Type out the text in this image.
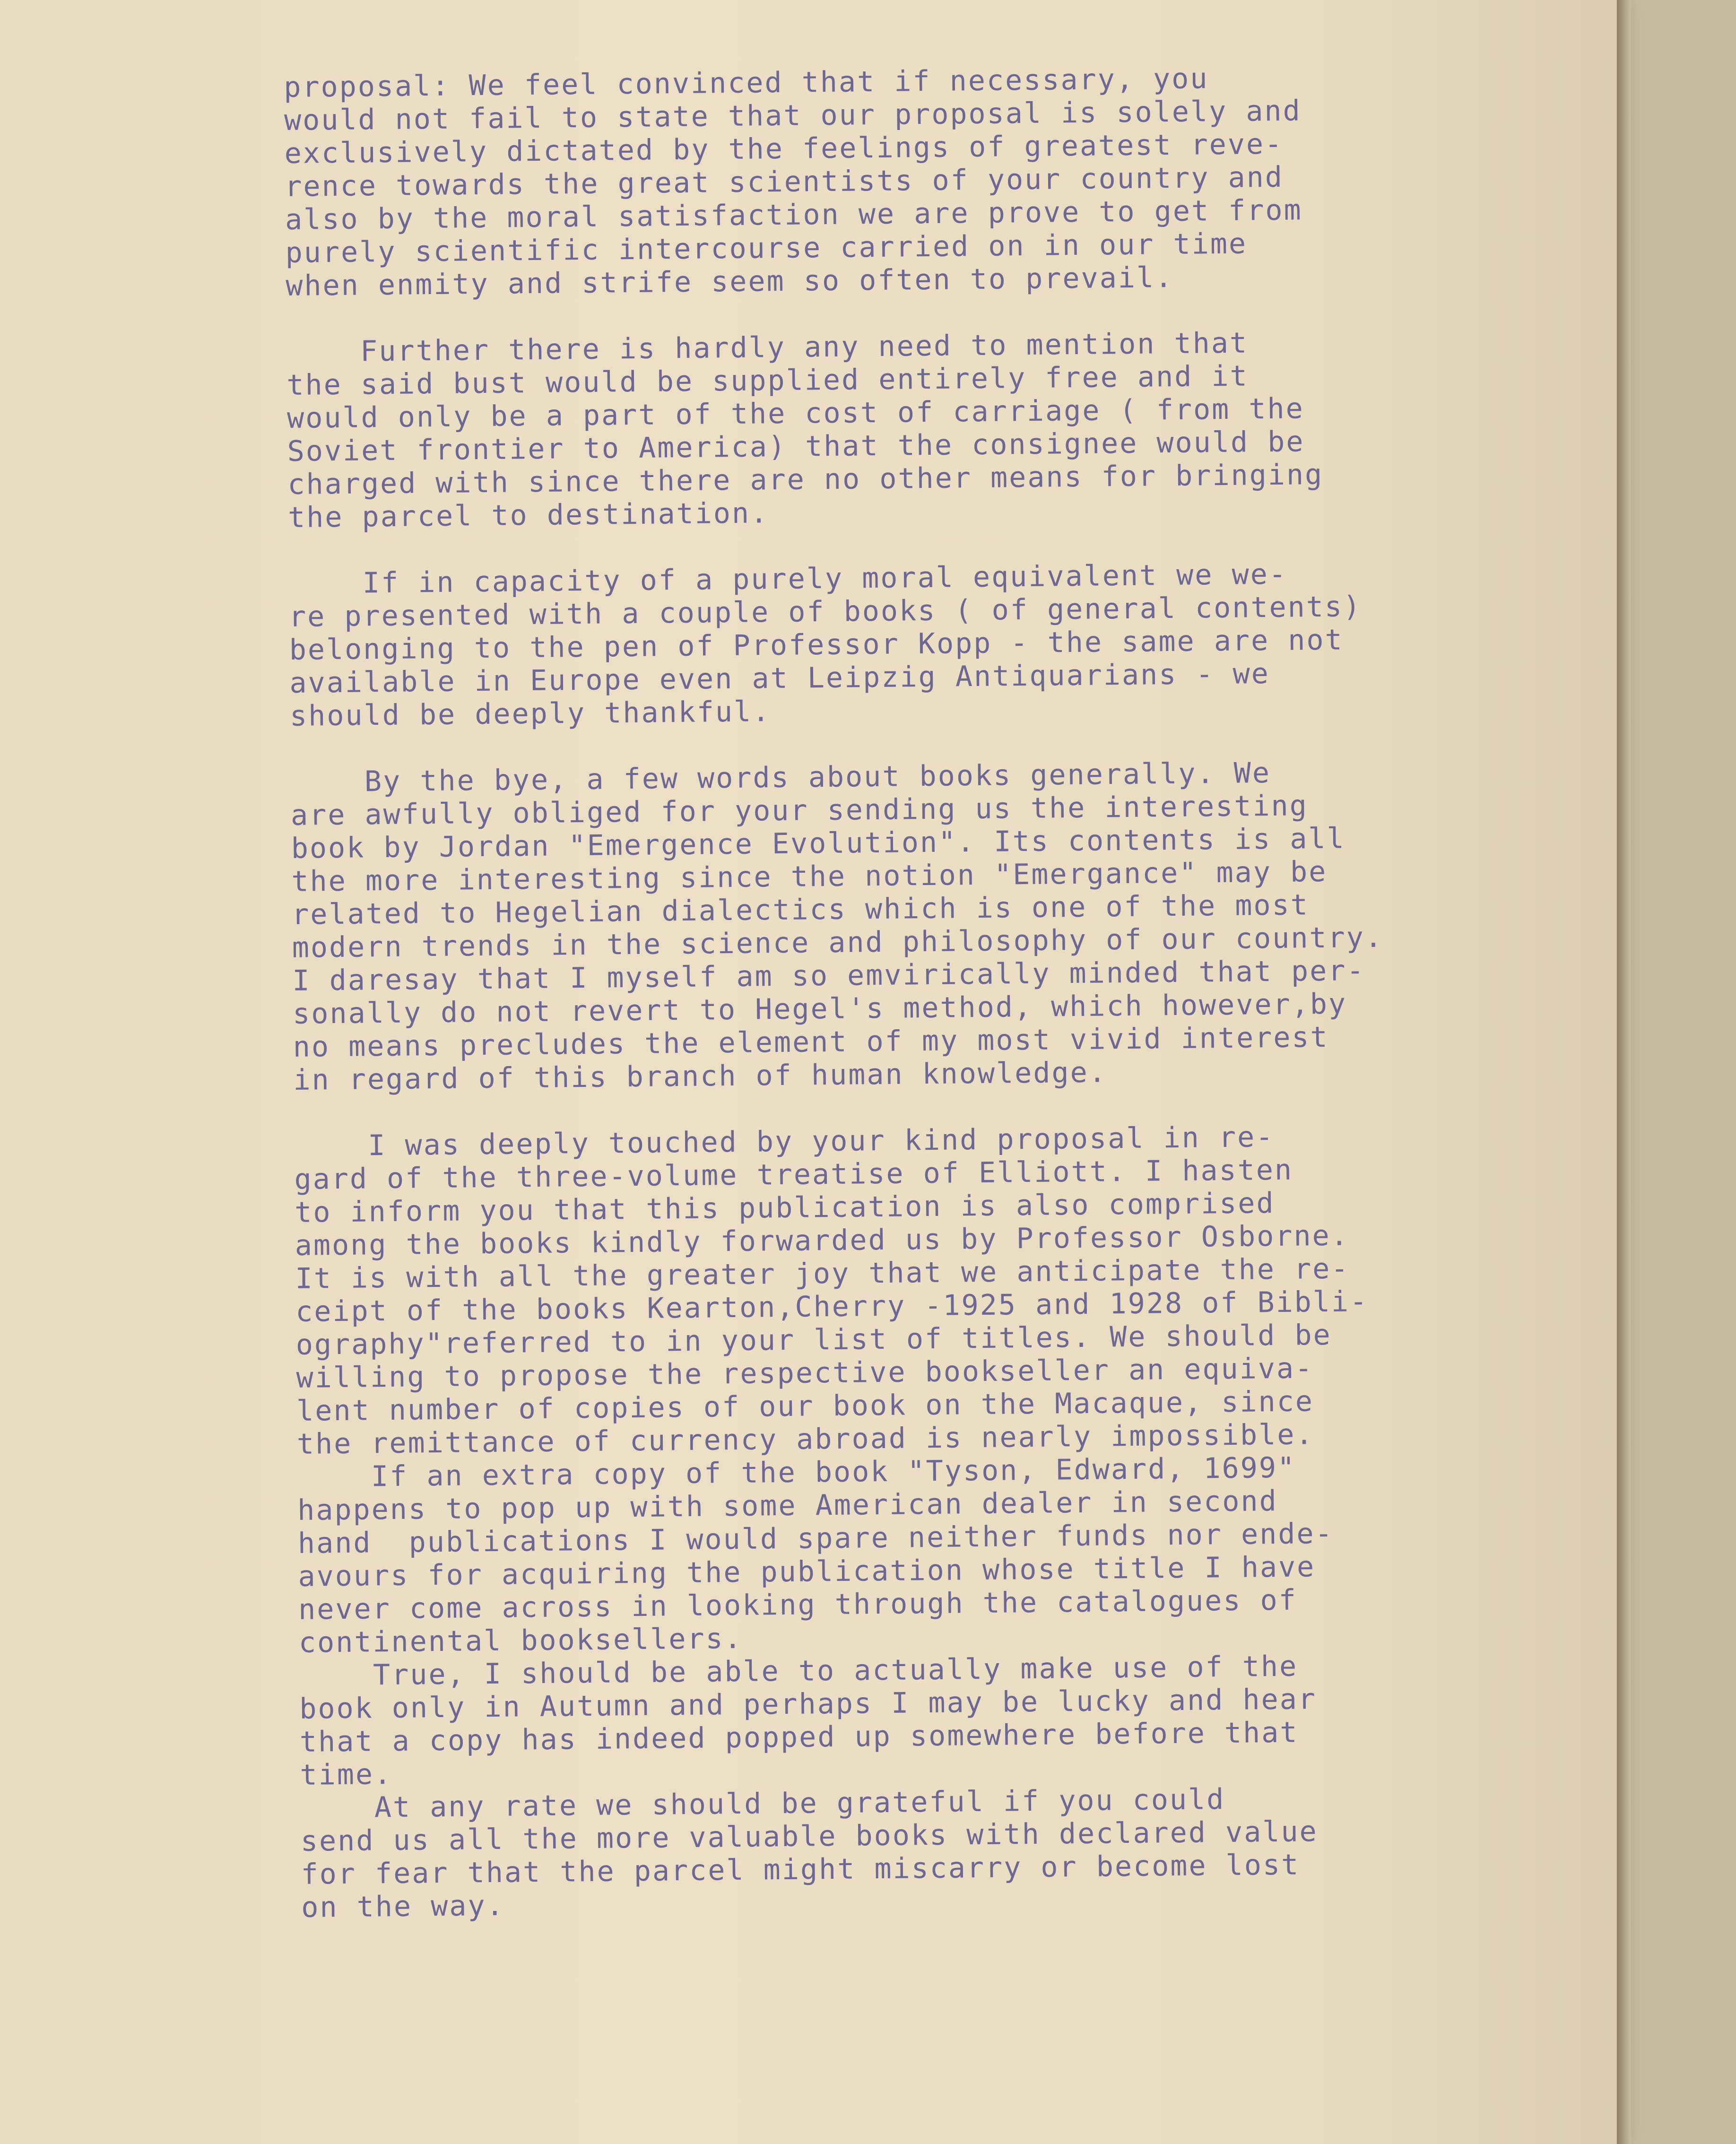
proposal: We feel convinced that if necessary, you
would not fail to state that our proposal is solely and
exclusively dictated by the feelings of greatest reve-
rence towards the great scientists of your country and
also by the moral satisfaction we are prove to get from
purely scientific intercourse carried on in our time
when enmity and strife seem so often to prevail.
Further there is hardly any need to mention that
the said bust would be supplied entirely free and it
would only be a part of the cost of carriage ( from the
Soviet frontier to America) that the consignee would be
charged with since there are no other means for bringing
the parcel to destination.
If in capacity of a purely moral equivalent we we-
re presented with a couple of books ( of general contents)
belonging to the pen of Professor Kopp - the same are not
available in Europe even at Leipzig Antiquarians - we
should be deeply thankful.
By the bye, a few words about books generally. We
are awfully obliged for your sending us the interesting
book by Jordan "Emergence Evolution". Its contents is all
the more interesting since the notion "Emergance" may be
related to Hegelian dialectics which is one of the most
modern trends in the science and philosophy of our country.
I daresay that I myself am so emvirically minded that per-
sonally do not revert to Hegel's method, which however,by
no means precludes the element of my most vivid interest
in regard of this branch of human knowledge.
I was deeply touched by your kind proposal in re-
gard of the three-volume treatise of Elliott. I hasten
to inform you that this publication is also comprised
among the books kindly forwarded us by Professor Osborne.
It is with all the greater joy that we anticipate the re-
ceipt of the books Kearton,Cherry -1925 and 1928 of Bibli-
ography"referred to in your list of titles. We should be
willing to propose the respective bookseller an equiva-
lent number of copies of our book on the Macaque, since
the remittance of currency abroad is nearly impossible.
If an extra copy of the book "Tyson, Edward, 1699"
happens to pop up with some American dealer in second
hand  publications I would spare neither funds nor ende-
avours for acquiring the publication whose title I have
never come across in looking through the catalogues of
continental booksellers.
True, I should be able to actually make use of the
book only in Autumn and perhaps I may be lucky and hear
that a copy has indeed popped up somewhere before that
time.
At any rate we should be grateful if you could
send us all the more valuable books with declared value
for fear that the parcel might miscarry or become lost
on the way.
